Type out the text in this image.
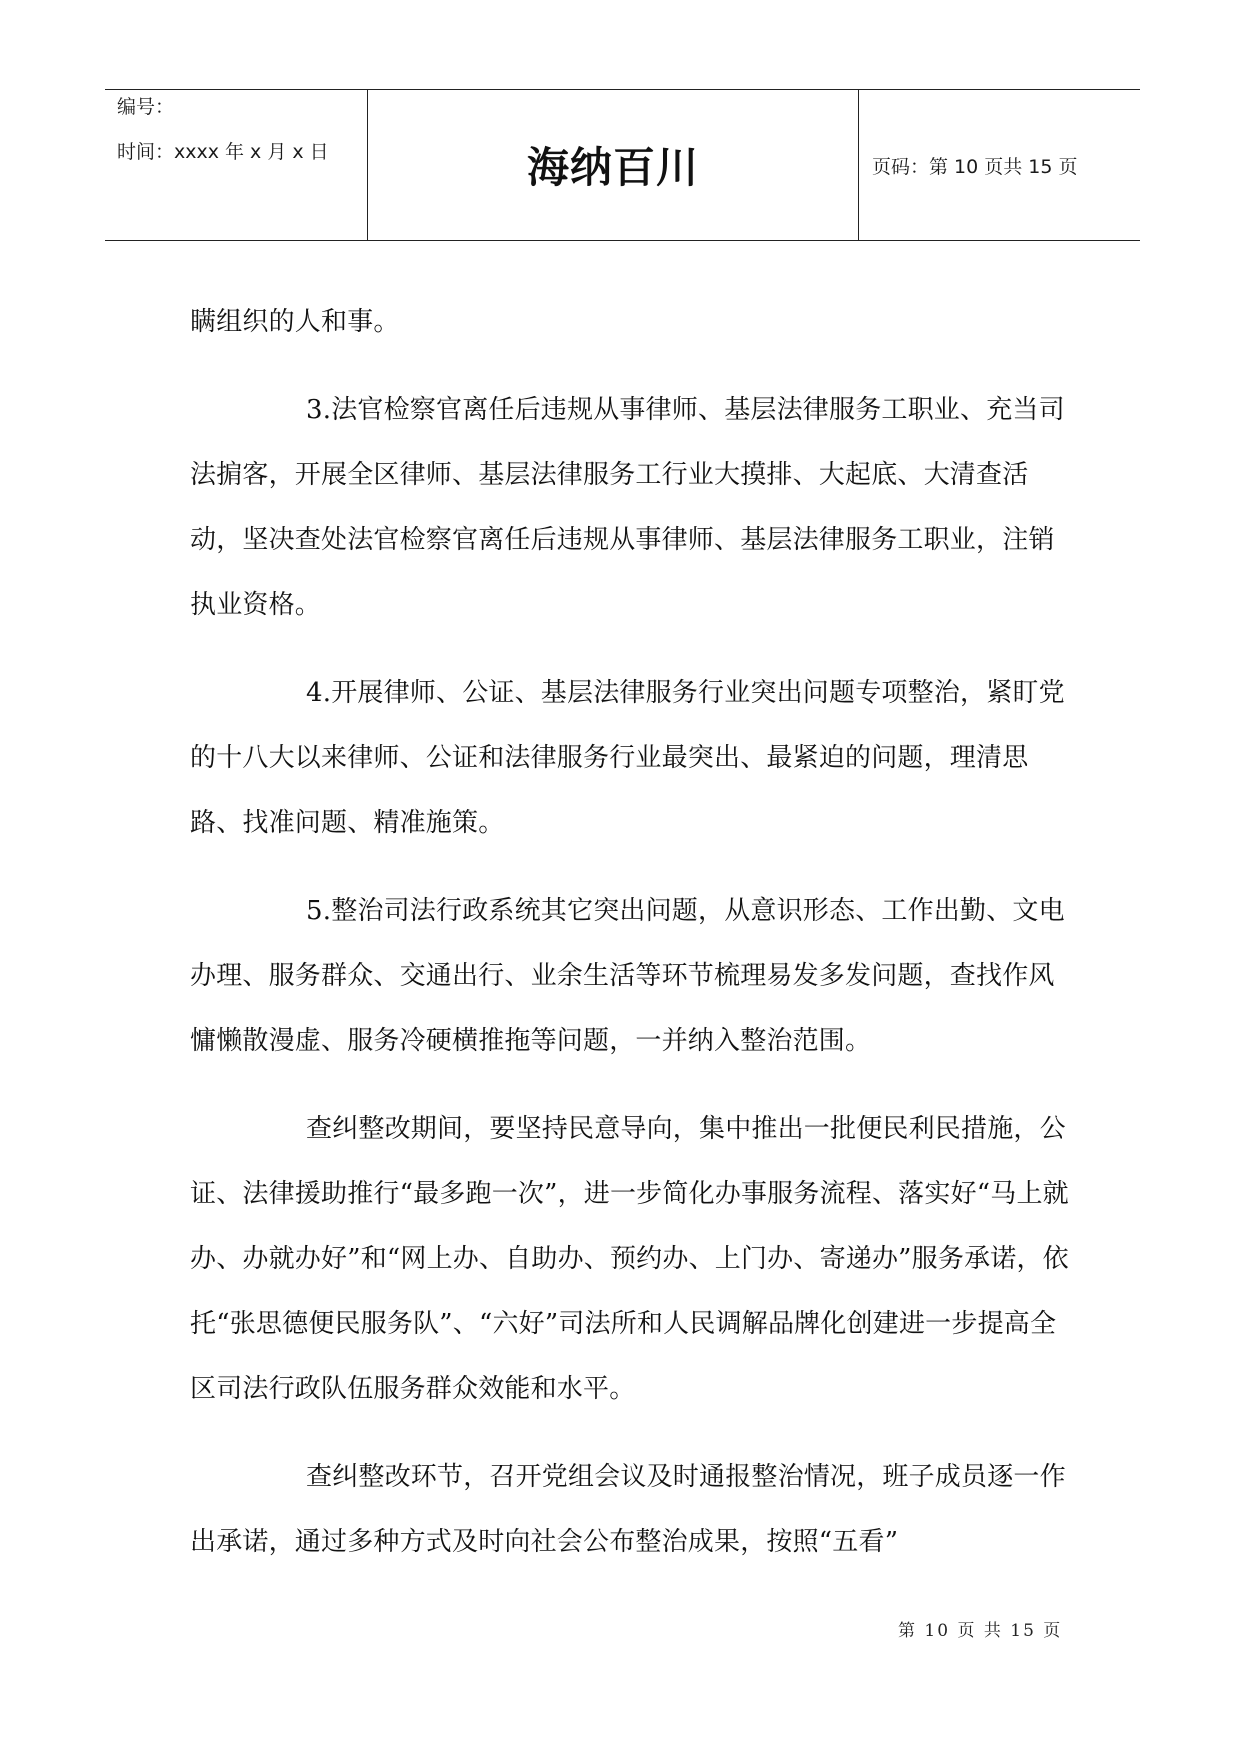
编号：
时间：xxxx 年 x 月 x 日	海纳百川	页码：第 10 页共 15 页

瞒组织的人和事。

3.法官检察官离任后违规从事律师、基层法律服务工职业、充当司法掮客，开展全区律师、基层法律服务工行业大摸排、大起底、大清查活动，坚决查处法官检察官离任后违规从事律师、基层法律服务工职业，注销执业资格。

4.开展律师、公证、基层法律服务行业突出问题专项整治，紧盯党的十八大以来律师、公证和法律服务行业最突出、最紧迫的问题，理清思路、找准问题、精准施策。

5.整治司法行政系统其它突出问题，从意识形态、工作出勤、文电办理、服务群众、交通出行、业余生活等环节梳理易发多发问题，查找作风慵懒散漫虚、服务冷硬横推拖等问题，一并纳入整治范围。

查纠整改期间，要坚持民意导向，集中推出一批便民利民措施，公证、法律援助推行“最多跑一次”，进一步简化办事服务流程、落实好“马上就办、办就办好”和“网上办、自助办、预约办、上门办、寄递办”服务承诺，依托“张思德便民服务队”、“六好”司法所和人民调解品牌化创建进一步提高全区司法行政队伍服务群众效能和水平。

查纠整改环节，召开党组会议及时通报整治情况，班子成员逐一作出承诺，通过多种方式及时向社会公布整治成果，按照“五看”

第 10 页 共 15 页
